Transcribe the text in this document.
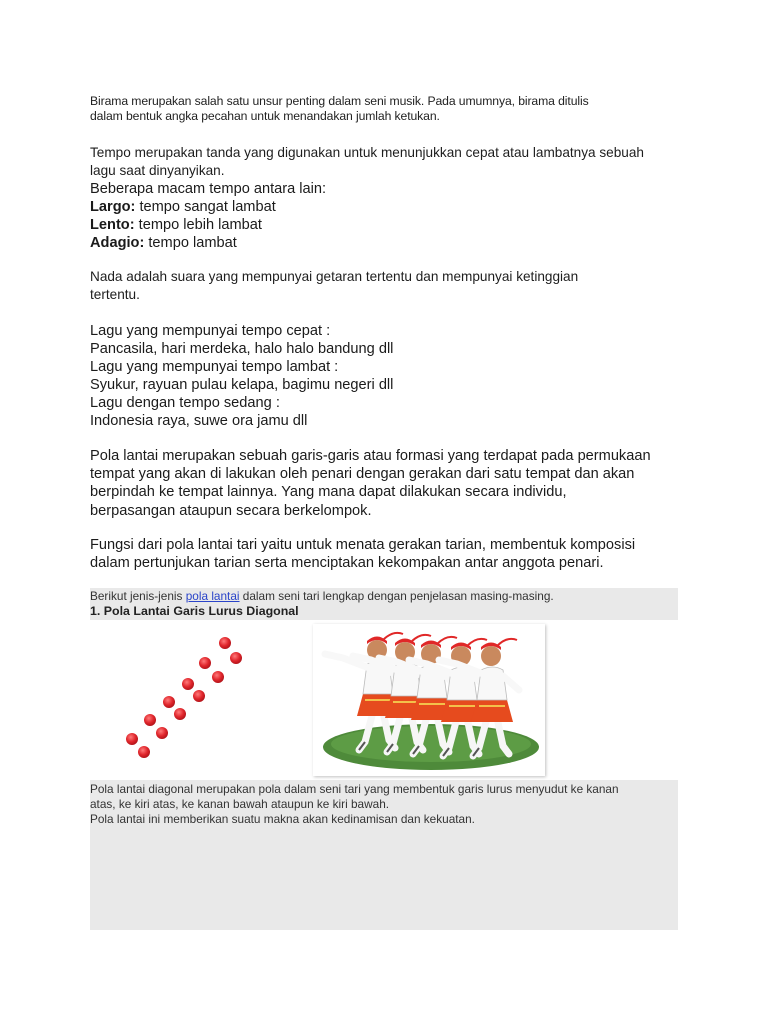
Birama merupakan salah satu unsur penting dalam seni musik. Pada umumnya, birama ditulis
dalam bentuk angka pecahan untuk menandakan jumlah ketukan.
Tempo merupakan tanda yang digunakan untuk menunjukkan cepat atau lambatnya sebuah
lagu saat dinyanyikan.
Beberapa macam tempo antara lain:
Largo: tempo sangat lambat
Lento: tempo lebih lambat
Adagio: tempo lambat
Nada adalah suara yang mempunyai getaran tertentu dan mempunyai ketinggian
tertentu.
Lagu yang mempunyai tempo cepat :
Pancasila, hari merdeka, halo halo bandung dll
Lagu yang mempunyai tempo lambat :
Syukur, rayuan pulau kelapa, bagimu negeri dll
Lagu dengan tempo sedang :
Indonesia raya, suwe ora jamu dll
Pola lantai merupakan sebuah garis-garis atau formasi yang terdapat pada permukaan
tempat yang akan di lakukan oleh penari dengan gerakan dari satu tempat dan akan
berpindah ke tempat lainnya. Yang mana dapat dilakukan secara individu,
berpasangan ataupun secara berkelompok.
Fungsi dari pola lantai tari yaitu untuk menata gerakan tarian, membentuk komposisi
dalam pertunjukan tarian serta menciptakan kekompakan antar anggota penari.
Berikut jenis-jenis pola lantai dalam seni tari lengkap dengan penjelasan masing-masing.
1. Pola Lantai Garis Lurus Diagonal
Pola lantai diagonal merupakan pola dalam seni tari yang membentuk garis lurus menyudut ke kanan
atas, ke kiri atas, ke kanan bawah ataupun ke kiri bawah.
Pola lantai ini memberikan suatu makna akan kedinamisan dan kekuatan.
